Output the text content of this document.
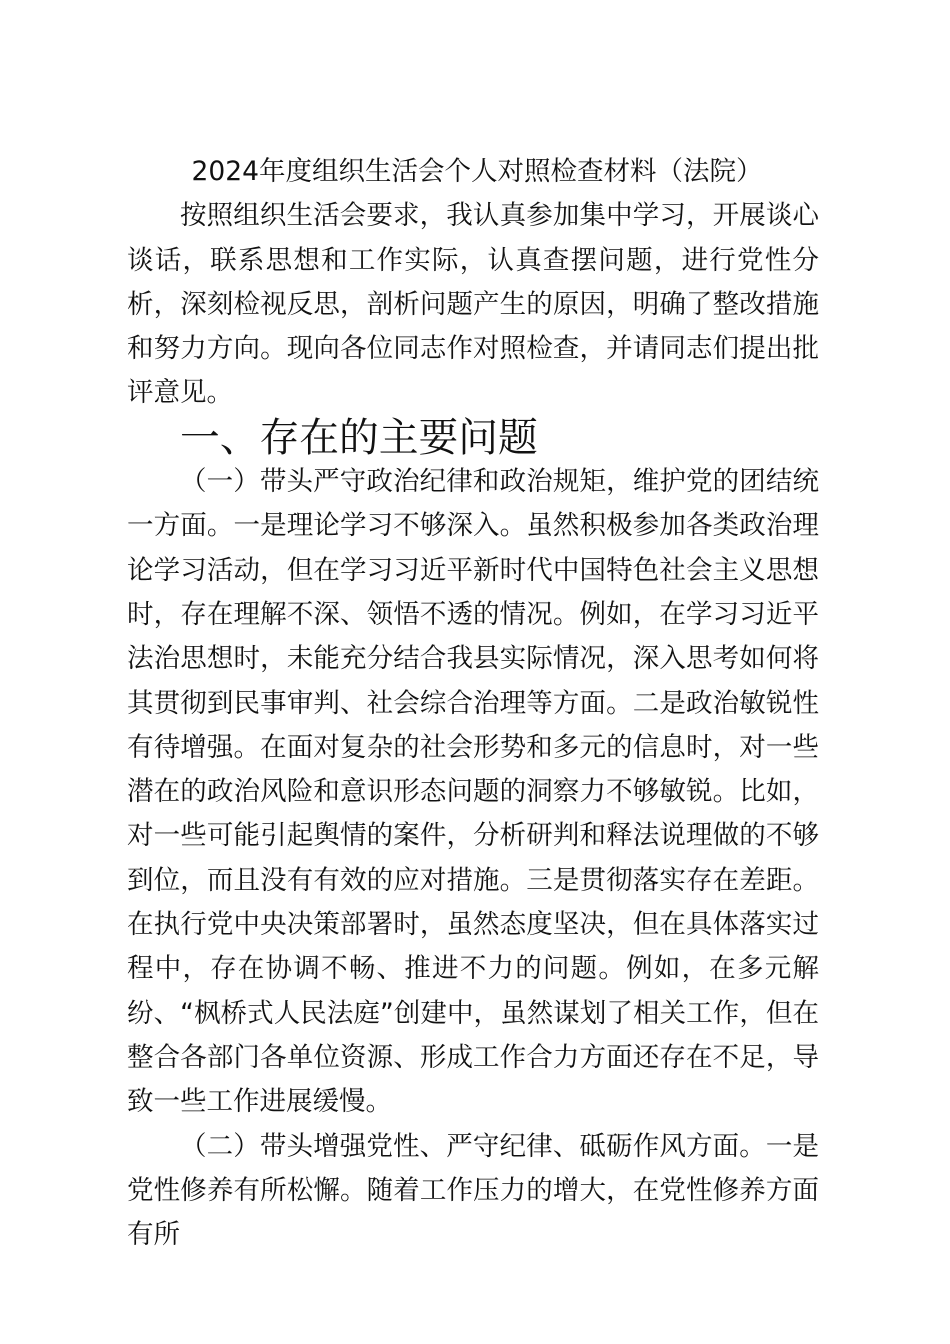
2024年度组织生活会个人对照检查材料（法院）

按照组织生活会要求，我认真参加集中学习，开展谈心谈话，联系思想和工作实际，认真查摆问题，进行党性分析，深刻检视反思，剖析问题产生的原因，明确了整改措施和努力方向。现向各位同志作对照检查，并请同志们提出批评意见。

一、存在的主要问题

（一）带头严守政治纪律和政治规矩，维护党的团结统一方面。一是理论学习不够深入。虽然积极参加各类政治理论学习活动，但在学习习近平新时代中国特色社会主义思想时，存在理解不深、领悟不透的情况。例如，在学习习近平法治思想时，未能充分结合我县实际情况，深入思考如何将其贯彻到民事审判、社会综合治理等方面。二是政治敏锐性有待增强。在面对复杂的社会形势和多元的信息时，对一些潜在的政治风险和意识形态问题的洞察力不够敏锐。比如，对一些可能引起舆情的案件，分析研判和释法说理做的不够到位，而且没有有效的应对措施。三是贯彻落实存在差距。在执行党中央决策部署时，虽然态度坚决，但在具体落实过程中，存在协调不畅、推进不力的问题。例如，在多元解纷、“枫桥式人民法庭”创建中，虽然谋划了相关工作，但在整合各部门各单位资源、形成工作合力方面还存在不足，导致一些工作进展缓慢。

（二）带头增强党性、严守纪律、砥砺作风方面。一是党性修养有所松懈。随着工作压力的增大，在党性修养方面有所
